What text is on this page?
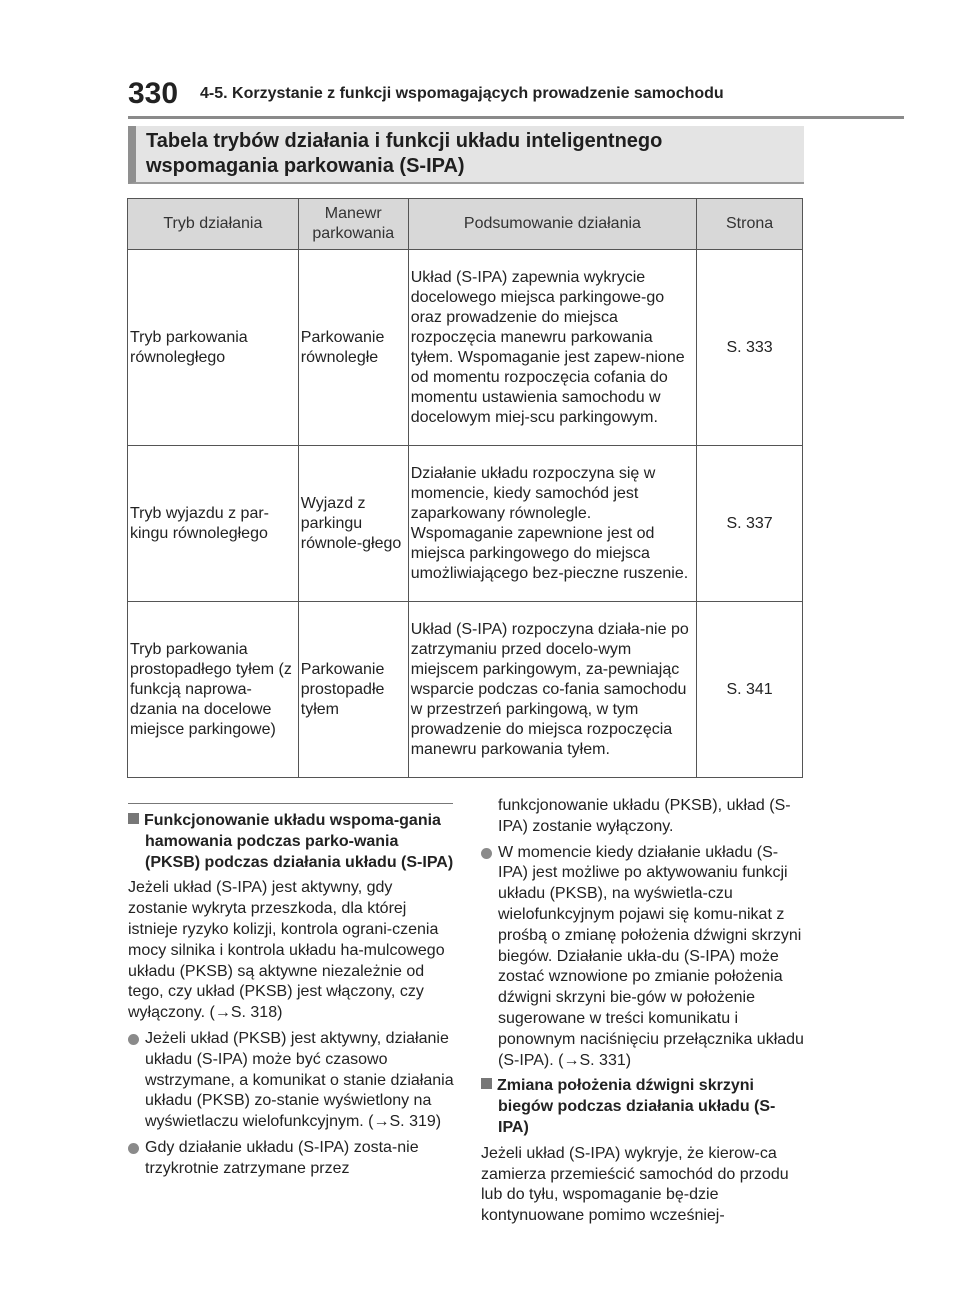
330 4-5. Korzystanie z funkcji wspomagających prowadzenie samochodu
Tabela trybów działania i funkcji układu inteligentnego
wspomagania parkowania (S-IPA)
Tryb działania	Manewr parkowania	Podsumowanie działania	Strona
Tryb parkowania równoległego	Parkowanie równoległe	Układ (S-IPA) zapewnia wykrycie docelowego miejsca parkingowe-go oraz prowadzenie do miejsca rozpoczęcia manewru parkowania tyłem. Wspomaganie jest zapew-nione od momentu rozpoczęcia cofania do momentu ustawienia samochodu w docelowym miej-scu parkingowym.	S. 333
Tryb wyjazdu z par-kingu równoległego	Wyjazd z parkingu równole-głego	Działanie układu rozpoczyna się w momencie, kiedy samochód jest zaparkowany równolegle. Wspomaganie zapewnione jest od miejsca parkingowego do miejsca umożliwiającego bez-pieczne ruszenie.	S. 337
Tryb parkowania prostopadłego tyłem (z funkcją naprowa-dzania na docelowe miejsce parkingowe)	Parkowanie prostopadłe tyłem	Układ (S-IPA) rozpoczyna działa-nie po zatrzymaniu przed docelo-wym miejscem parkingowym, za-pewniając wsparcie podczas co-fania samochodu w przestrzeń parkingową, w tym prowadzenie do miejsca rozpoczęcia manewru parkowania tyłem.	S. 341

Funkcjonowanie układu wspoma-gania hamowania podczas parko-wania (PKSB) podczas działania układu (S-IPA)

Jeżeli układ (S-IPA) jest aktywny, gdy zostanie wykryta przeszkoda, dla której istnieje ryzyko kolizji, kontrola ograni-czenia mocy silnika i kontrola układu ha-mulcowego układu (PKSB) są aktywne niezależnie od tego, czy układ (PKSB) jest włączony, czy wyłączony. (→S. 318)

Jeżeli układ (PKSB) jest aktywny, działanie układu (S-IPA) może być czasowo wstrzymane, a komunikat o stanie działania układu (PKSB) zo-stanie wyświetlony na wyświetlaczu wielofunkcyjnym. (→S. 319)

Gdy działanie układu (S-IPA) zosta-nie trzykrotnie zatrzymane przez

funkcjonowanie układu (PKSB), układ (S-IPA) zostanie wyłączony.

W momencie kiedy działanie układu (S-IPA) jest możliwe po aktywowaniu funkcji układu (PKSB), na wyświetla-czu wielofunkcyjnym pojawi się komu-nikat z prośbą o zmianę położenia dźwigni skrzyni biegów. Działanie ukła-du (S-IPA) może zostać wznowione po zmianie położenia dźwigni skrzyni bie-gów w położenie sugerowane w treści komunikatu i ponownym naciśnięciu przełącznika układu (S-IPA). (→S. 331)

Zmiana położenia dźwigni skrzyni biegów podczas działania układu (S-IPA)

Jeżeli układ (S-IPA) wykryje, że kierow-ca zamierza przemieścić samochód do przodu lub do tyłu, wspomaganie bę-dzie kontynuowane pomimo wcześniej-
